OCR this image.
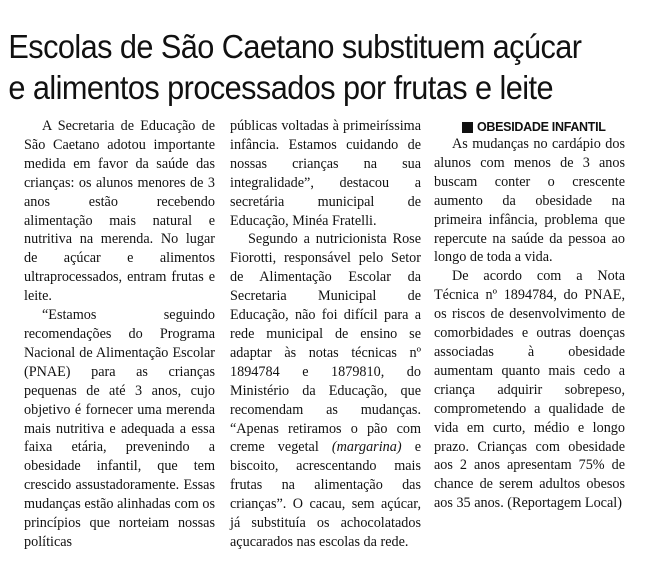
Escolas de São Caetano substituem açúcar
e alimentos processados por frutas e leite

A Secretaria de Educação de São Caetano adotou importante medida em favor da saúde das crianças: os alunos menores de 3 anos estão recebendo alimentação mais natural e nutritiva na merenda. No lugar de açúcar e alimentos ultraprocessados, entram frutas e leite.

“Estamos seguindo recomendações do Programa Nacional de Alimentação Escolar (PNAE) para as crianças pequenas de até 3 anos, cujo objetivo é fornecer uma merenda mais nutritiva e adequada a essa faixa etária, prevenindo a obesidade infantil, que tem crescido assustadoramente. Essas mudanças estão alinhadas com os princípios que norteiam nossas políticas

públicas voltadas à primeiríssima infância. Estamos cuidando de nossas crianças na sua integralidade”, destacou a secretária municipal de Educação, Minéa Fratelli.

Segundo a nutricionista Rose Fiorotti, responsável pelo Setor de Alimentação Escolar da Secretaria Municipal de Educação, não foi difícil para a rede municipal de ensino se adaptar às notas técnicas nº 1894784 e 1879810, do Ministério da Educação, que recomendam as mudanças. “Apenas retiramos o pão com creme vegetal (margarina) e biscoito, acrescentando mais frutas na alimentação das crianças”. O cacau, sem açúcar, já substituía os achocolatados açucarados nas escolas da rede.

OBESIDADE INFANTIL

As mudanças no cardápio dos alunos com menos de 3 anos buscam conter o crescente aumento da obesidade na primeira infância, problema que repercute na saúde da pessoa ao longo de toda a vida.

De acordo com a Nota Técnica nº 1894784, do PNAE, os riscos de desenvolvimento de comorbidades e outras doenças associadas à obesidade aumentam quanto mais cedo a criança adquirir sobrepeso, comprometendo a qualidade de vida em curto, médio e longo prazo. Crianças com obesidade aos 2 anos apresentam 75% de chance de serem adultos obesos aos 35 anos. (Reportagem Local)
